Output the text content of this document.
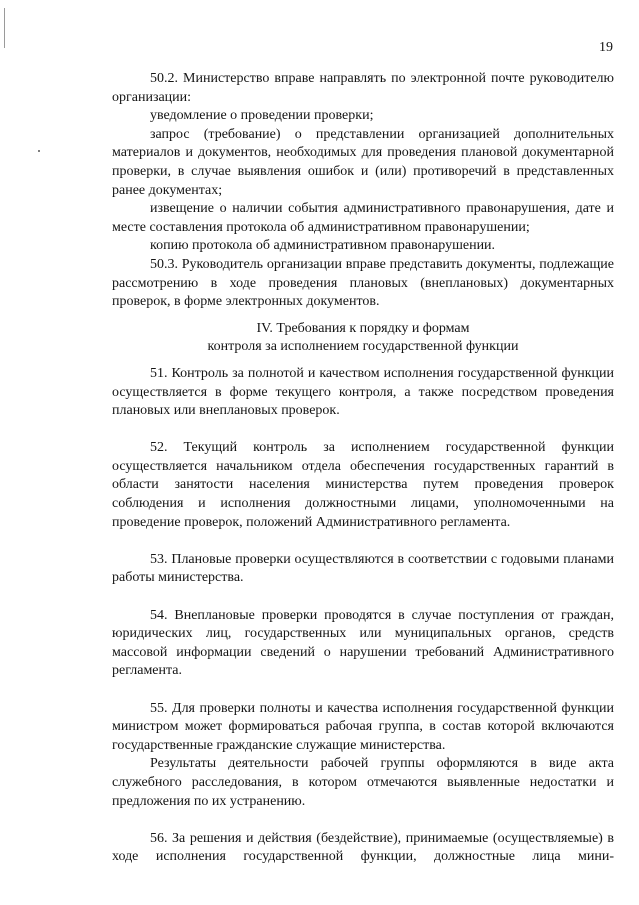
19

50.2. Министерство вправе направлять по электронной почте руководителю организации:

уведомление о проведении проверки;

запрос (требование) о представлении организацией дополнительных материалов и документов, необходимых для проведения плановой документарной проверки, в случае выявления ошибок и (или) противоречий в представленных ранее документах;

извещение о наличии события административного правонарушения, дате и месте составления протокола об административном правонарушении;

копию протокола об административном правонарушении.

50.3. Руководитель организации вправе представить документы, подлежащие рассмотрению в ходе проведения плановых (внеплановых) документарных проверок, в форме электронных документов.

IV. Требования к порядку и формам

контроля за исполнением государственной функции

51. Контроль за полнотой и качеством исполнения государственной функции осуществляется в форме текущего контроля, а также посредством проведения плановых или внеплановых проверок.

52. Текущий контроль за исполнением государственной функции осуществляется начальником отдела обеспечения государственных гарантий в области занятости населения министерства путем проведения проверок соблюдения и исполнения должностными лицами, уполномоченными на проведение проверок, положений Административного регламента.

53. Плановые проверки осуществляются в соответствии с годовыми планами работы министерства.

54. Внеплановые проверки проводятся в случае поступления от граждан, юридических лиц, государственных или муниципальных органов, средств массовой информации сведений о нарушении требований Административного регламента.

55. Для проверки полноты и качества исполнения государственной функции министром может формироваться рабочая группа, в состав которой включаются государственные гражданские служащие министерства.

Результаты деятельности рабочей группы оформляются в виде акта служебного расследования, в котором отмечаются выявленные недостатки и предложения по их устранению.

56. За решения и действия (бездействие), принимаемые (осуществляемые) в ходе исполнения государственной функции, должностные лица мини-
